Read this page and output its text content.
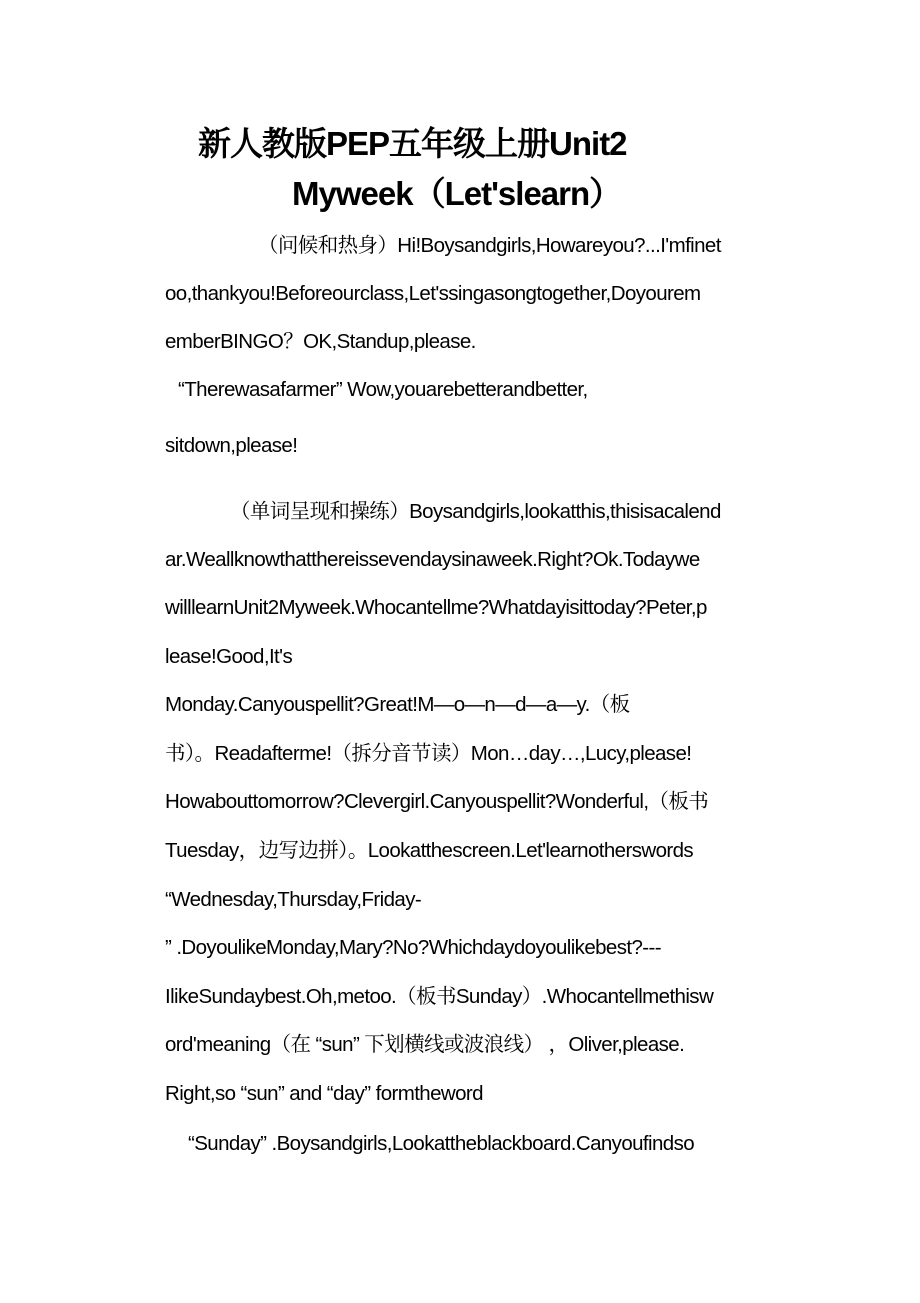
新人教版PEP五年级上册Unit2
Myweek（Let'slearn）
（问候和热身）Hi!Boysandgirls,Howareyou?...I'mfinet
oo,thankyou!Beforeourclass,Let'ssingasongtogether,Doyourem
emberBINGO？OK,Standup,please.
“Therewasafarmer” Wow,youarebetterandbetter,
sitdown,please!
（单词呈现和操练）Boysandgirls,lookatthis,thisisacalend
ar.Weallknowthatthereissevendaysinaweek.Right?Ok.Todaywe
willlearnUnit2Myweek.Whocantellme?Whatdayisittoday?Peter,p
lease!Good,It's
Monday.Canyouspellit?Great!M—o—n—d—a—y.（板
书）。Readafterme!（拆分音节读）Mon…day…,Lucy,please!
Howabouttomorrow?Clevergirl.Canyouspellit?Wonderful,（板书
Tuesday，边写边拼）。Lookatthescreen.Let'learnotherswords
“Wednesday,Thursday,Friday-
” .DoyoulikeMonday,Mary?No?Whichdaydoyoulikebest?---
IlikeSundaybest.Oh,metoo.（板书Sunday）.Whocantellmethisw
ord'meaning（在 “sun” 下划横线或波浪线） ，Oliver,please.
Right,so “sun” and “day” formtheword
“Sunday” .Boysandgirls,Lookattheblackboard.Canyoufindso
